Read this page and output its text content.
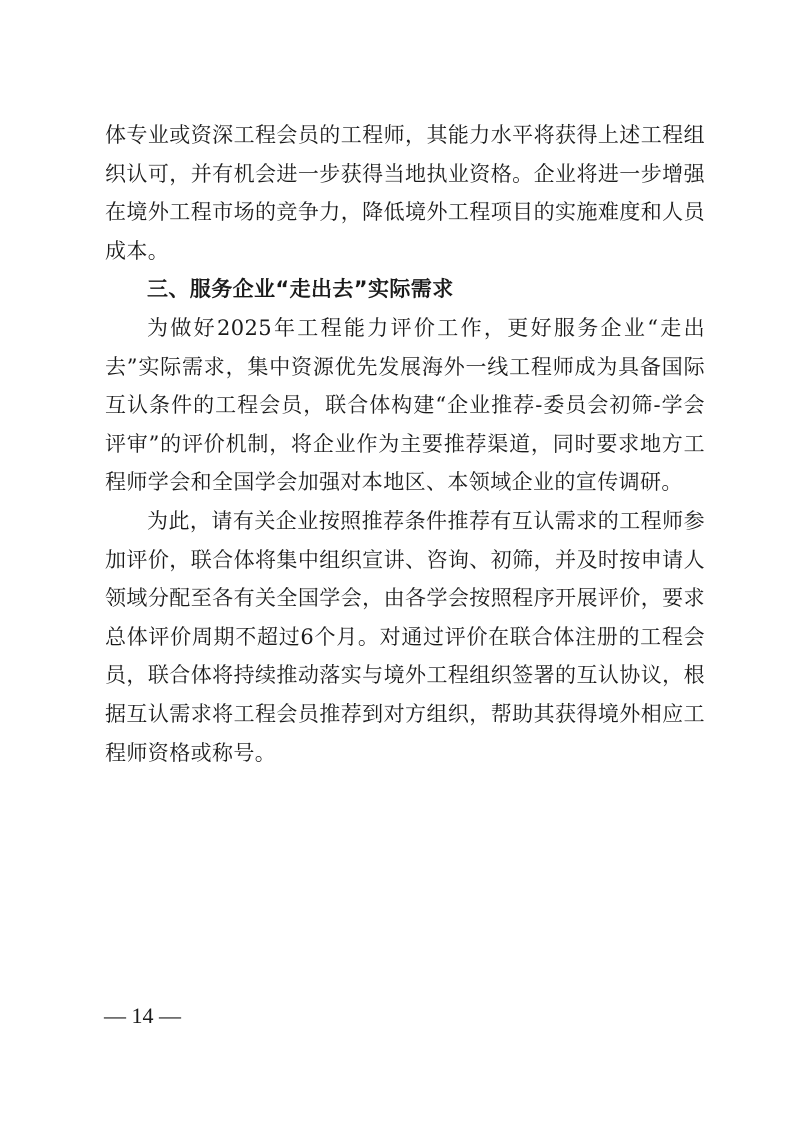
体专业或资深工程会员的工程师，其能力水平将获得上述工程组织认可，并有机会进一步获得当地执业资格。企业将进一步增强在境外工程市场的竞争力，降低境外工程项目的实施难度和人员成本。

三、服务企业“走出去”实际需求

为做好2025年工程能力评价工作，更好服务企业“走出去”实际需求，集中资源优先发展海外一线工程师成为具备国际互认条件的工程会员，联合体构建“企业推荐-委员会初筛-学会评审”的评价机制，将企业作为主要推荐渠道，同时要求地方工程师学会和全国学会加强对本地区、本领域企业的宣传调研。

为此，请有关企业按照推荐条件推荐有互认需求的工程师参加评价，联合体将集中组织宣讲、咨询、初筛，并及时按申请人领域分配至各有关全国学会，由各学会按照程序开展评价，要求总体评价周期不超过6个月。对通过评价在联合体注册的工程会员，联合体将持续推动落实与境外工程组织签署的互认协议，根据互认需求将工程会员推荐到对方组织，帮助其获得境外相应工程师资格或称号。

— 14 —
